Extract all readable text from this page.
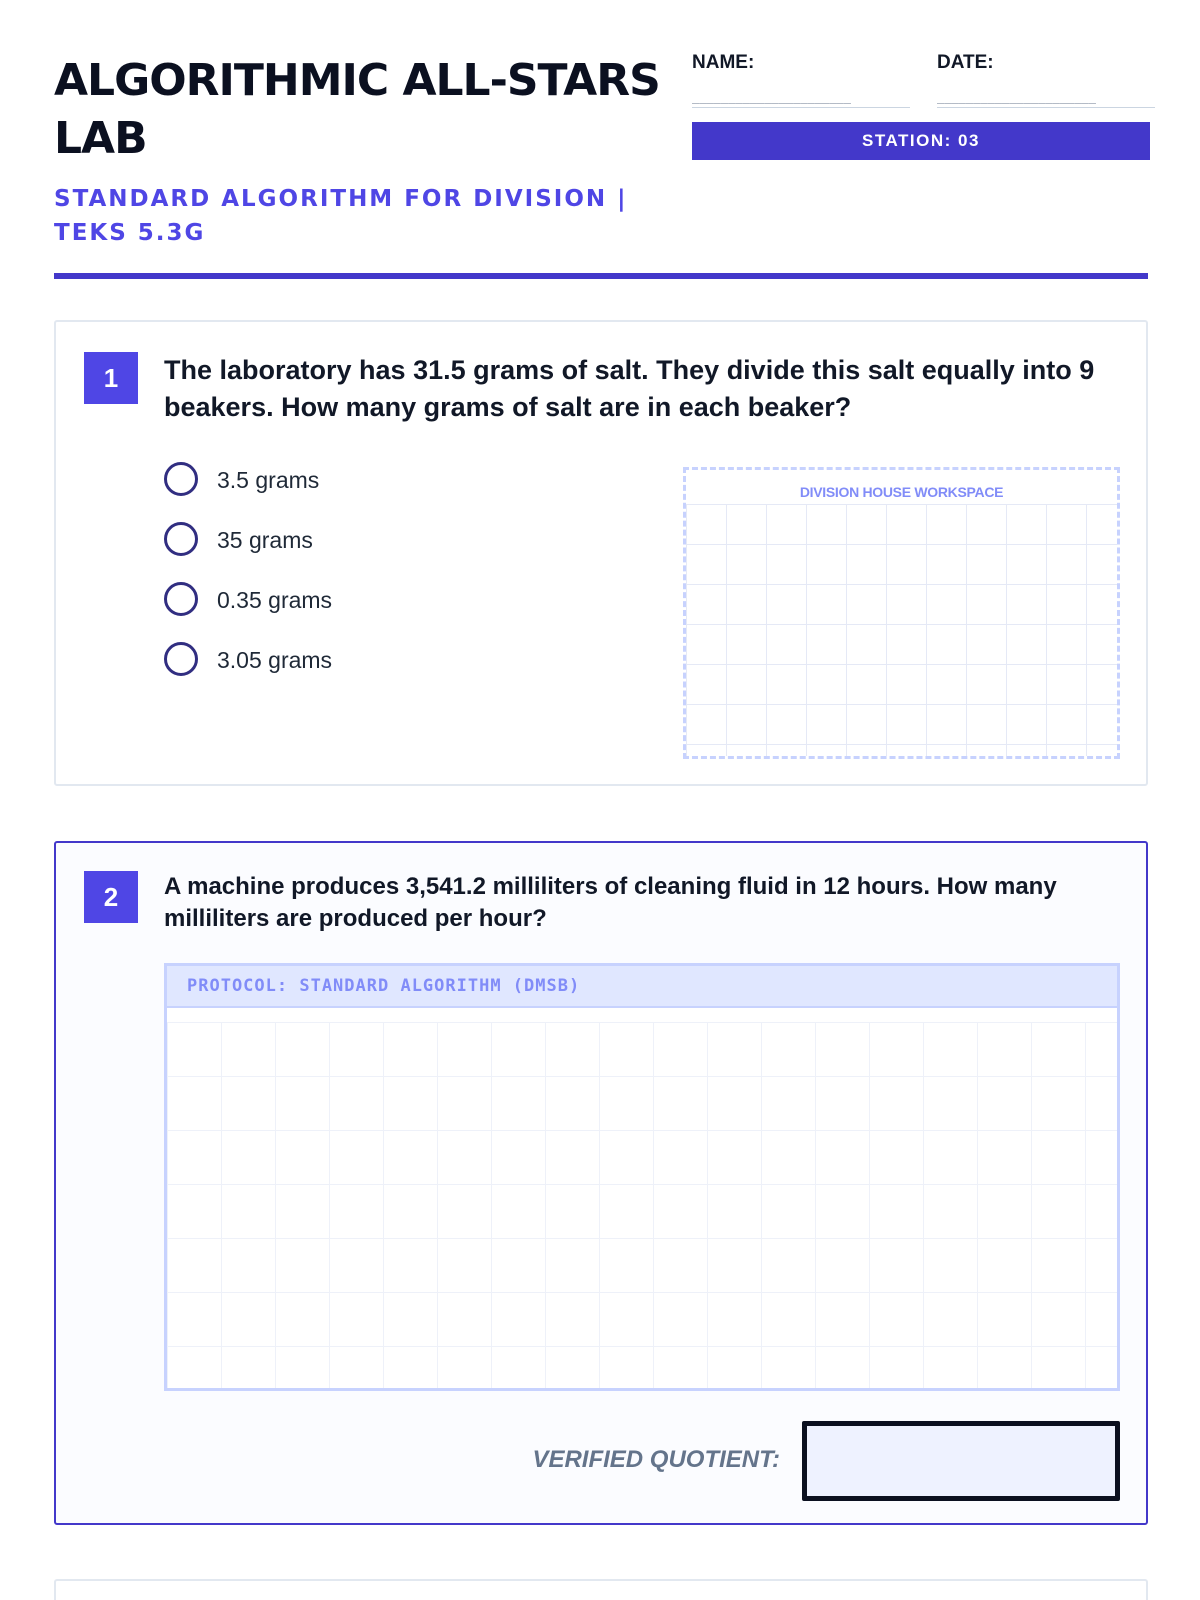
ALGORITHMIC ALL-STARS LAB
STANDARD ALGORITHM FOR DIVISION | TEKS 5.3G
NAME:
______________________
DATE:
______________________
STATION: 03
1	The laboratory has 31.5 grams of salt. They divide this salt equally into 9 beakers. How many grams of salt are in each beaker?
3.5 grams
35 grams
0.35 grams
3.05 grams
DIVISION HOUSE WORKSPACE
2	A machine produces 3,541.2 milliliters of cleaning fluid in 12 hours. How many milliliters are produced per hour?
PROTOCOL: STANDARD ALGORITHM (DMSB)
VERIFIED QUOTIENT:
